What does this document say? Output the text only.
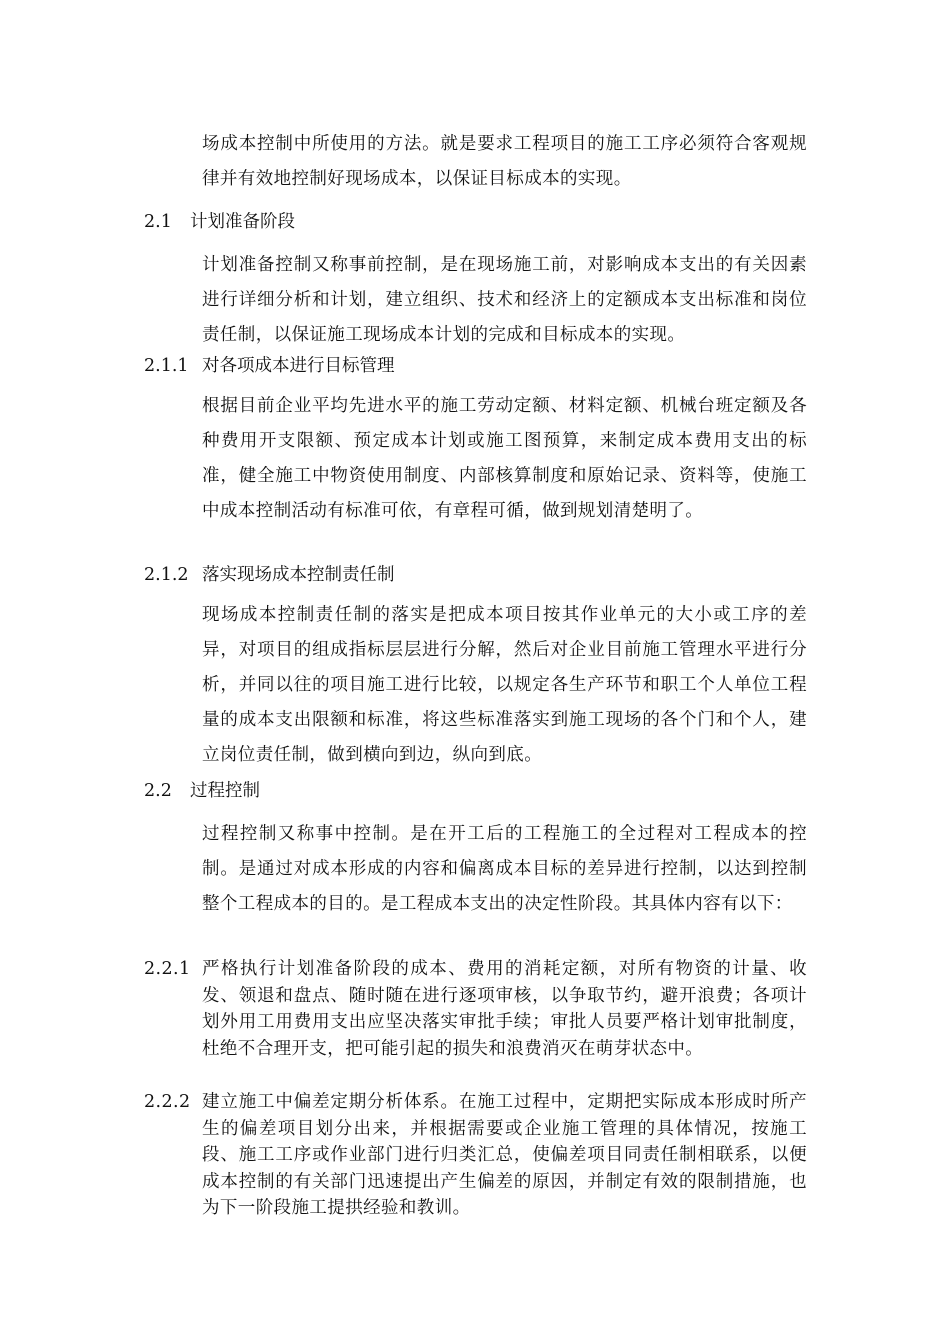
场成本控制中所使用的方法。就是要求工程项目的施工工序必须符合客观规律并有效地控制好现场成本，以保证目标成本的实现。
2.1 计划准备阶段
计划准备控制又称事前控制，是在现场施工前，对影响成本支出的有关因素进行详细分析和计划，建立组织、技术和经济上的定额成本支出标准和岗位责任制，以保证施工现场成本计划的完成和目标成本的实现。
2.1.1 对各项成本进行目标管理
根据目前企业平均先进水平的施工劳动定额、材料定额、机械台班定额及各种费用开支限额、预定成本计划或施工图预算，来制定成本费用支出的标准，健全施工中物资使用制度、内部核算制度和原始记录、资料等，使施工中成本控制活动有标准可依，有章程可循，做到规划清楚明了。
2.1.2 落实现场成本控制责任制
现场成本控制责任制的落实是把成本项目按其作业单元的大小或工序的差异，对项目的组成指标层层进行分解，然后对企业目前施工管理水平进行分析，并同以往的项目施工进行比较，以规定各生产环节和职工个人单位工程量的成本支出限额和标准，将这些标准落实到施工现场的各个门和个人，建立岗位责任制，做到横向到边，纵向到底。
2.2 过程控制
过程控制又称事中控制。是在开工后的工程施工的全过程对工程成本的控制。是通过对成本形成的内容和偏离成本目标的差异进行控制，以达到控制整个工程成本的目的。是工程成本支出的决定性阶段。其具体内容有以下：
2.2.1 严格执行计划准备阶段的成本、费用的消耗定额，对所有物资的计量、收发、领退和盘点、随时随在进行逐项审核，以争取节约，避开浪费；各项计划外用工用费用支出应坚决落实审批手续；审批人员要严格计划审批制度，杜绝不合理开支，把可能引起的损失和浪费消灭在萌芽状态中。
2.2.2 建立施工中偏差定期分析体系。在施工过程中，定期把实际成本形成时所产生的偏差项目划分出来，并根据需要或企业施工管理的具体情况，按施工段、施工工序或作业部门进行归类汇总，使偏差项目同责任制相联系，以便成本控制的有关部门迅速提出产生偏差的原因，并制定有效的限制措施，也为下一阶段施工提拱经验和教训。
